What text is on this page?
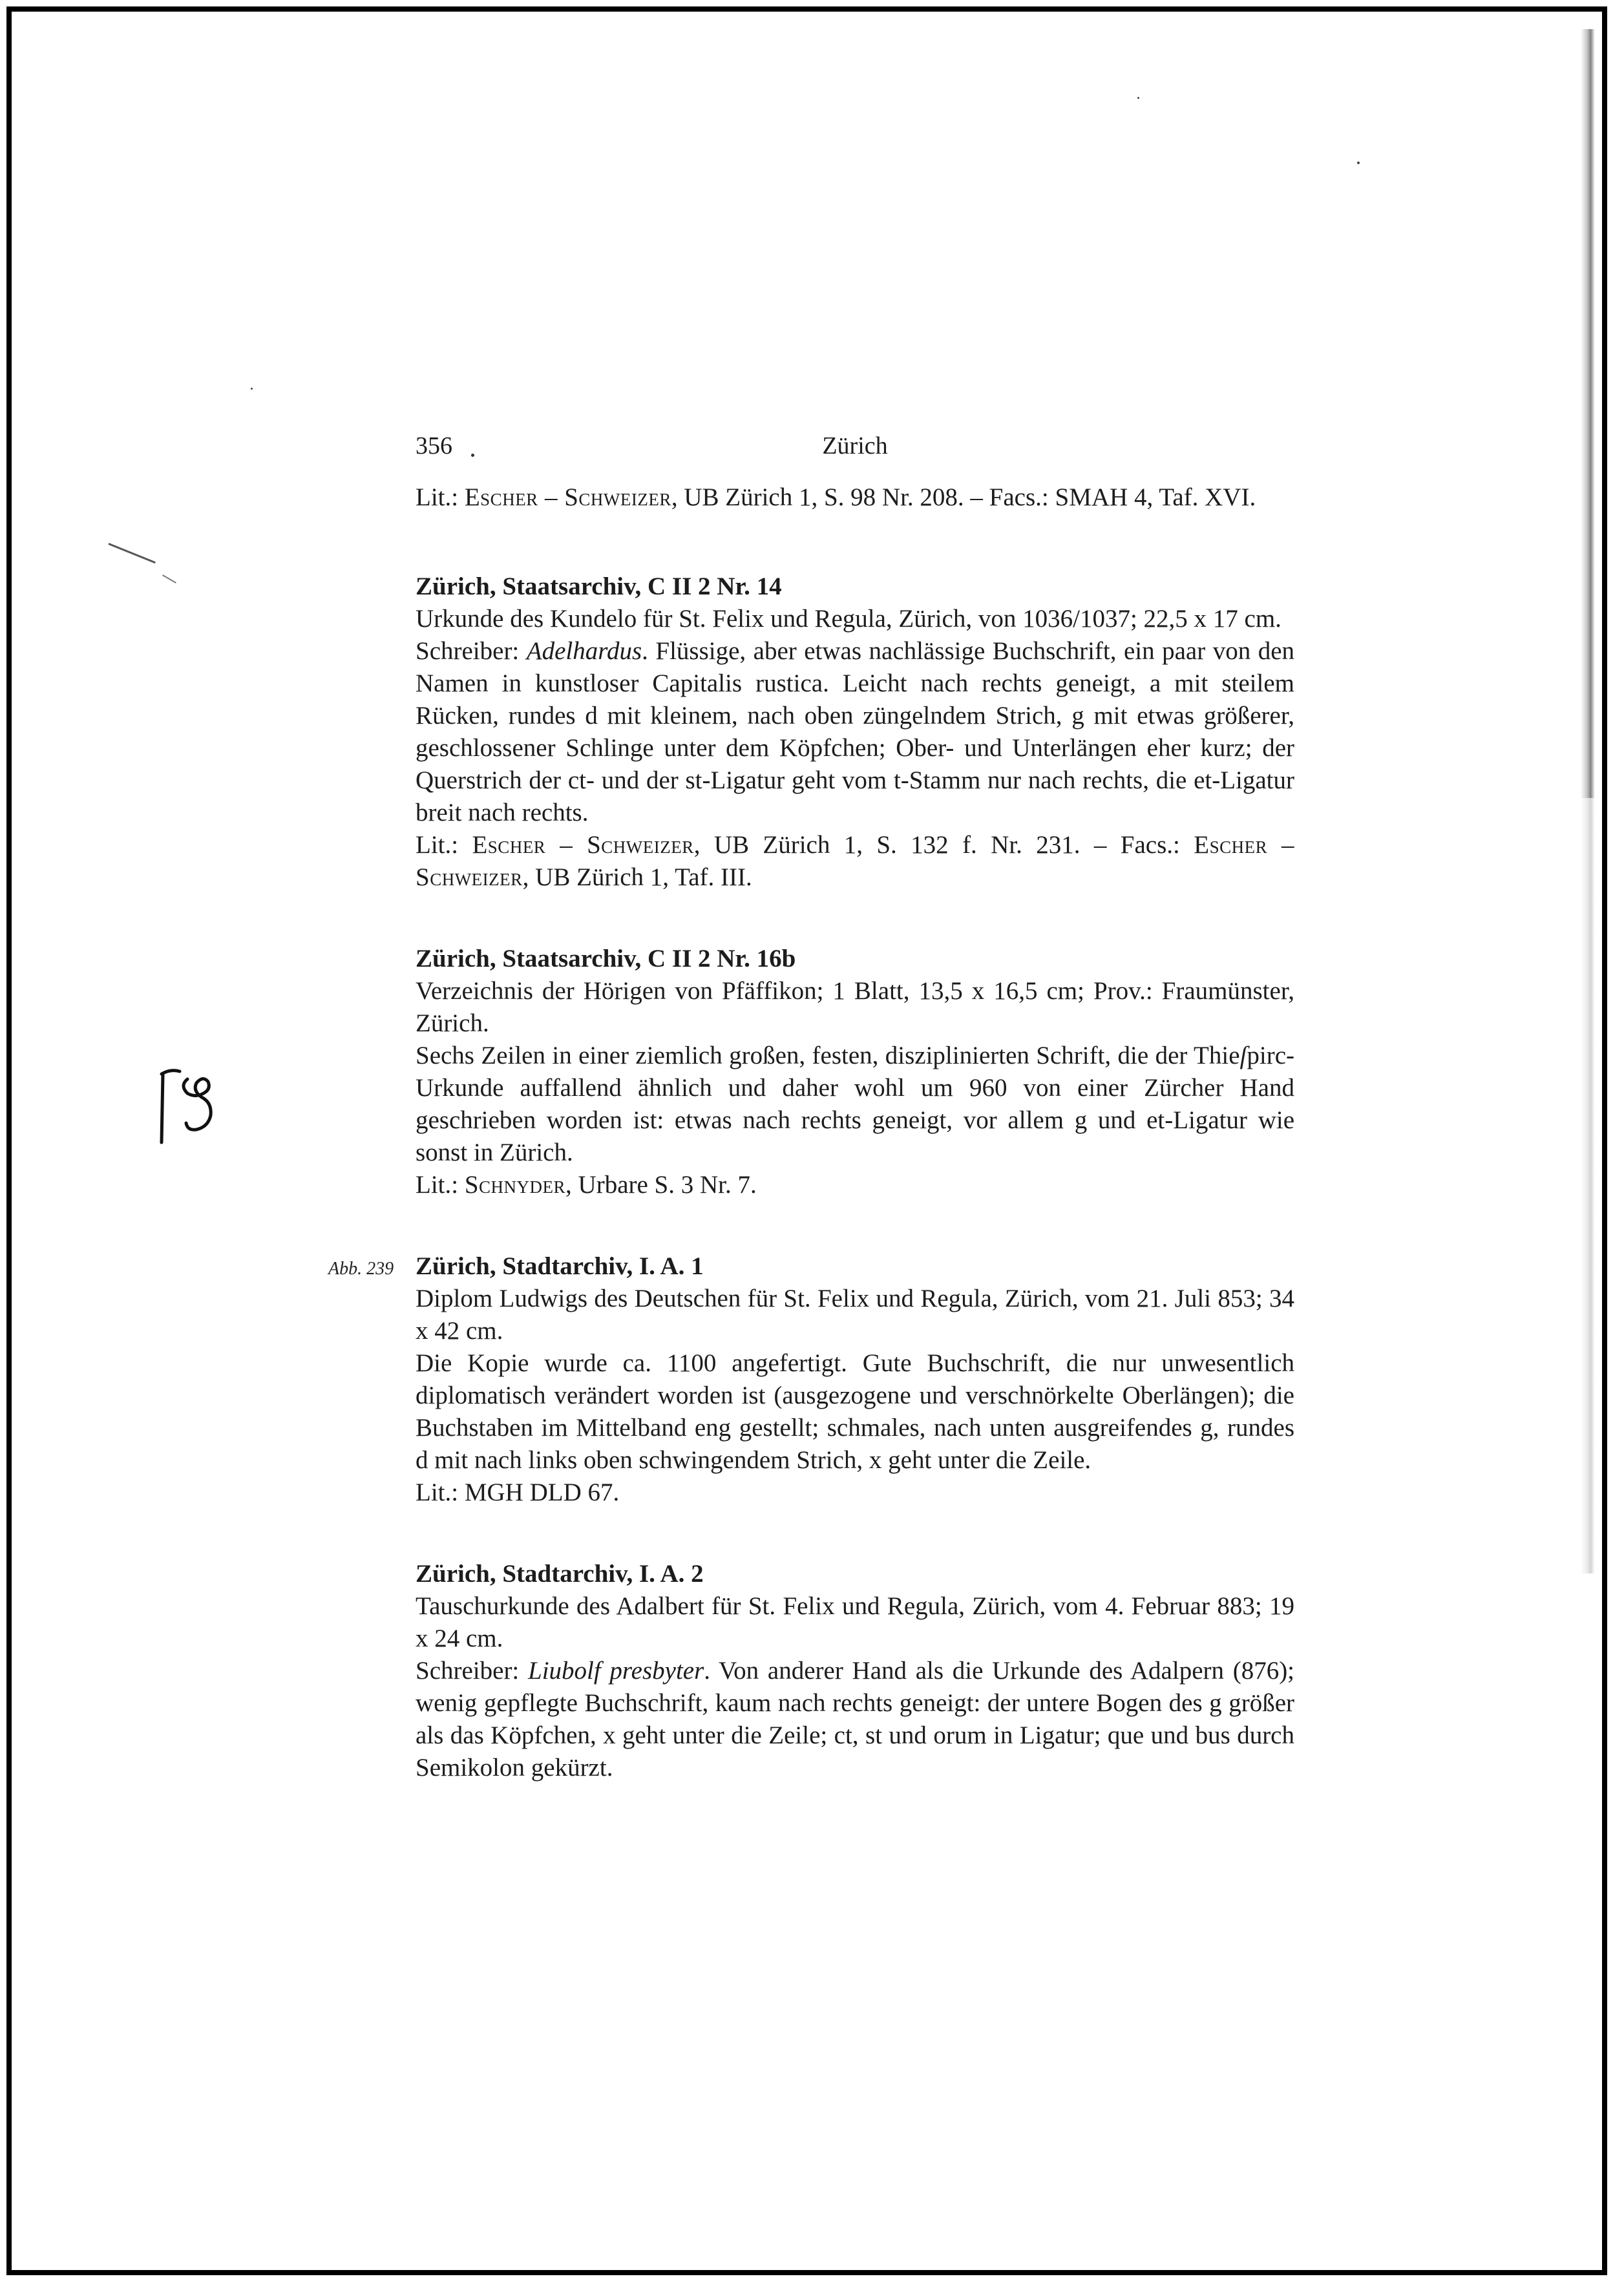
356	Zürich

Lit.: Escher – Schweizer, UB Zürich 1, S. 98 Nr. 208. – Facs.: SMAH 4, Taf. XVI.

Zürich, Staatsarchiv, C II 2 Nr. 14

Urkunde des Kundelo für St. Felix und Regula, Zürich, von 1036/1037; 22,5 x 17 cm.

Schreiber: Adelhardus. Flüssige, aber etwas nachlässige Buchschrift, ein paar von den Namen in kunstloser Capitalis rustica. Leicht nach rechts geneigt, a mit steilem Rücken, rundes d mit kleinem, nach oben züngelndem Strich, g mit etwas größerer, geschlossener Schlinge unter dem Köpfchen; Ober- und Unterlängen eher kurz; der Querstrich der ct- und der st-Ligatur geht vom t-Stamm nur nach rechts, die et-Ligatur breit nach rechts.

Lit.: Escher – Schweizer, UB Zürich 1, S. 132 f. Nr. 231. – Facs.: Escher – Schweizer, UB Zürich 1, Taf. III.

Zürich, Staatsarchiv, C II 2 Nr. 16b

Verzeichnis der Hörigen von Pfäffikon; 1 Blatt, 13,5 x 16,5 cm; Prov.: Fraumünster, Zürich.

Sechs Zeilen in einer ziemlich großen, festen, disziplinierten Schrift, die der Thieſpirc-Urkunde auffallend ähnlich und daher wohl um 960 von einer Zürcher Hand geschrieben worden ist: etwas nach rechts geneigt, vor allem g und et-Ligatur wie sonst in Zürich.

Lit.: Schnyder, Urbare S. 3 Nr. 7.

Abb. 239 Zürich, Stadtarchiv, I. A. 1

Diplom Ludwigs des Deutschen für St. Felix und Regula, Zürich, vom 21. Juli 853; 34 x 42 cm.

Die Kopie wurde ca. 1100 angefertigt. Gute Buchschrift, die nur unwesentlich diplomatisch verändert worden ist (ausgezogene und verschnörkelte Oberlängen); die Buchstaben im Mittelband eng gestellt; schmales, nach unten ausgreifendes g, rundes d mit nach links oben schwingendem Strich, x geht unter die Zeile.

Lit.: MGH DLD 67.

Zürich, Stadtarchiv, I. A. 2

Tauschurkunde des Adalbert für St. Felix und Regula, Zürich, vom 4. Februar 883; 19 x 24 cm.

Schreiber: Liubolf presbyter. Von anderer Hand als die Urkunde des Adalpern (876); wenig gepflegte Buchschrift, kaum nach rechts geneigt: der untere Bogen des g größer als das Köpfchen, x geht unter die Zeile; ct, st und orum in Ligatur; que und bus durch Semikolon gekürzt.
